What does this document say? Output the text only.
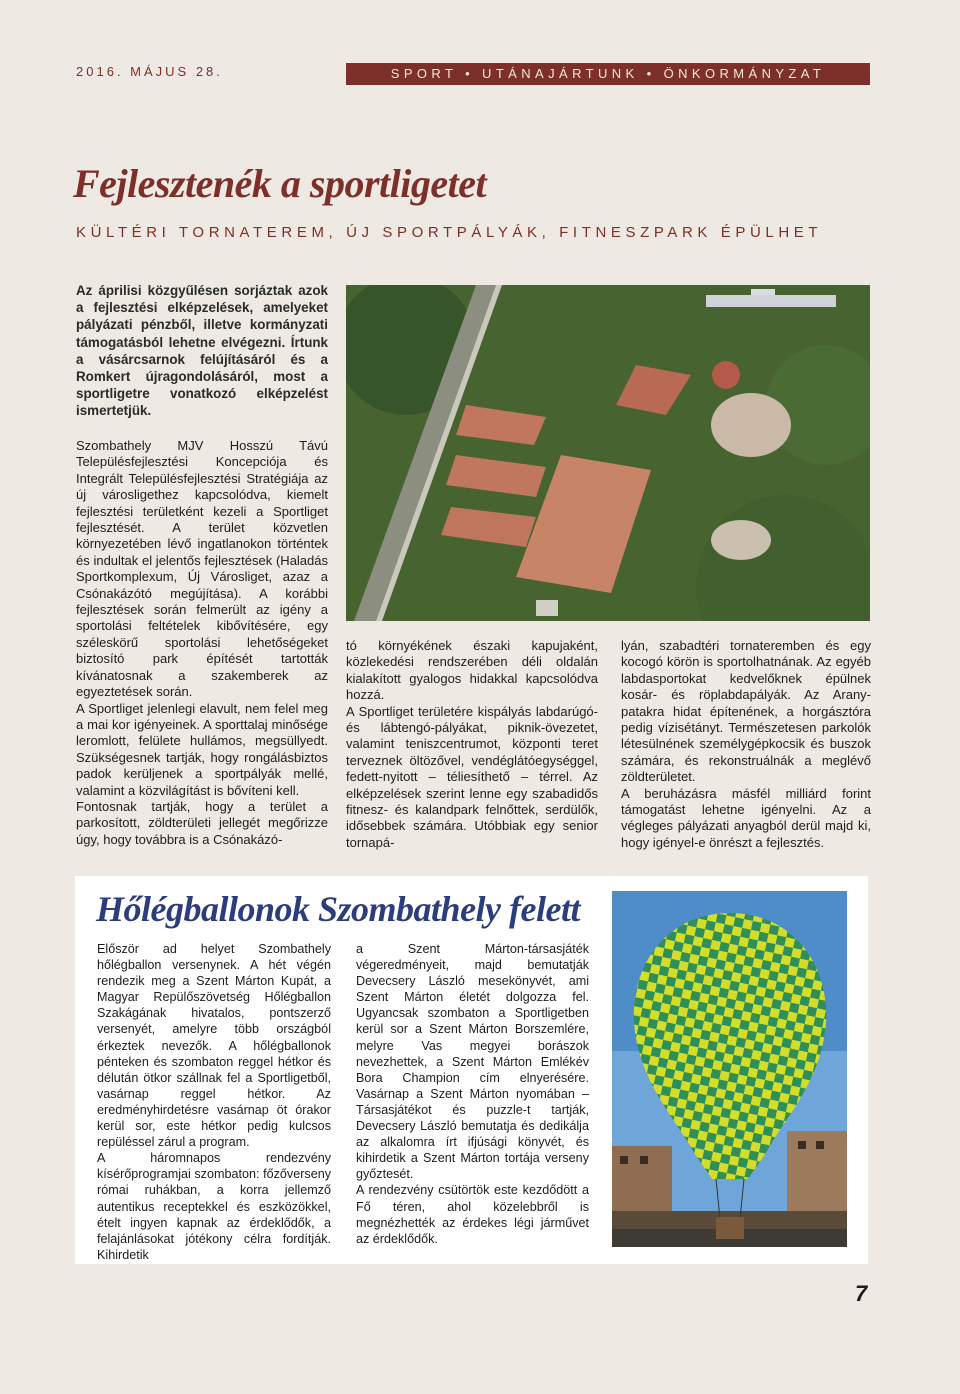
2016. MÁJUS 28.	SPORT • UTÁNAJÁRTUNK • ÖNKORMÁNYZAT
Fejlesztenék a sportligetet
KÜLTÉRI TORNATEREM, ÚJ SPORTPÁLYÁK, FITNESZPARK ÉPÜLHET
Az áprilisi közgyűlésen sorjáztak azok a fejlesztési elképzelések, amelyeket pályázati pénzből, illetve kormányzati támogatásból lehetne elvégezni. Írtunk a vásárcsarnok felújításáról és a Romkert újragondolásáról, most a sportligetre vonatkozó elképzelést ismertetjük.

Szombathely MJV Hosszú Távú Településfejlesztési Koncepciója és Integrált Településfejlesztési Stratégiája az új városligethez kapcsolódva, kiemelt fejlesztési területként kezeli a Sportliget fejlesztését. A terület közvetlen környezetében lévő ingatlanokon történtek és indultak el jelentős fejlesztések (Haladás Sportkomplexum, Új Városliget, azaz a Csónakázótó megújítása). A korábbi fejlesztések során felmerült az igény a sportolási feltételek kibővítésére, egy széleskörű sportolási lehetőségeket biztosító park építését tartották kívánatosnak a szakemberek az egyeztetések során.

A Sportliget jelenlegi elavult, nem felel meg a mai kor igényeinek. A sporttalaj minősége leromlott, felülete hullámos, megsüllyedt. Szükségesnek tartják, hogy rongálásbiztos padok kerüljenek a sportpályák mellé, valamint a közvilágítást is bővíteni kell.

Fontosnak tartják, hogy a terület a parkosított, zöldterületi jellegét megőrizze úgy, hogy továbbra is a Csónakázó-

tó környékének északi kapujaként, közlekedési rendszerében déli oldalán kialakított gyalogos hidakkal kapcsolódva hozzá.

A Sportliget területére kispályás labdarúgó- és lábtengó-pályákat, piknik-övezetet, valamint teniszcentrumot, központi teret terveznek öltözővel, vendéglátóegységgel, fedett-nyitott – téliesíthető – térrel. Az elképzelések szerint lenne egy szabadidős fitnesz- és kalandpark felnőttek, serdülők, idősebbek számára. Utóbbiak egy senior tornapá-

lyán, szabadtéri tornateremben és egy kocogó körön is sportolhatnának. Az egyéb labdasportokat kedvelőknek épülnek kosár- és röplabdapályák. Az Arany-patakra hidat építenének, a horgásztóra pedig vízisétányt. Természetesen parkolók létesülnének személygépkocsik és buszok számára, és rekonstruálnák a meglévő zöldterületet.

A beruházásra másfél milliárd forint támogatást lehetne igényelni. Az a végleges pályázati anyagból derül majd ki, hogy igényel-e önrészt a fejlesztés.

Hőlégballonok Szombathely felett

Először ad helyet Szombathely hőlégballon versenynek. A hét végén rendezik meg a Szent Márton Kupát, a Magyar Repülőszövetség Hőlégballon Szakágának hivatalos, pontszerző versenyét, amelyre több országból érkeztek nevezők. A hőlégballonok pénteken és szombaton reggel hétkor és délután ötkor szállnak fel a Sportligetből, vasárnap reggel hétkor. Az eredményhirdetésre vasárnap öt órakor kerül sor, este hétkor pedig kulcsos repüléssel zárul a program.

A háromnapos rendezvény kísérőprogramjai szombaton: főzőverseny római ruhákban, a korra jellemző autentikus receptekkel és eszközökkel, ételt ingyen kapnak az érdeklődők, a felajánlásokat jótékony célra fordítják. Kihirdetik

a Szent Márton-társasjáték végeredményeit, majd bemutatják Devecsery László mesekönyvét, ami Szent Márton életét dolgozza fel. Ugyancsak szombaton a Sportligetben kerül sor a Szent Márton Borszemlére, melyre Vas megyei borászok nevezhettek, a Szent Márton Emlékév Bora Champion cím elnyerésére. Vasárnap a Szent Márton nyomában – Társasjátékot és puzzle-t tartják, Devecsery László bemutatja és dedikálja az alkalomra írt ifjúsági könyvét, és kihirdetik a Szent Márton tortája verseny győztesét.

A rendezvény csütörtök este kezdődött a Fő téren, ahol közelebbről is megnézhették az érdekes légi járművet az érdeklődők.

7
